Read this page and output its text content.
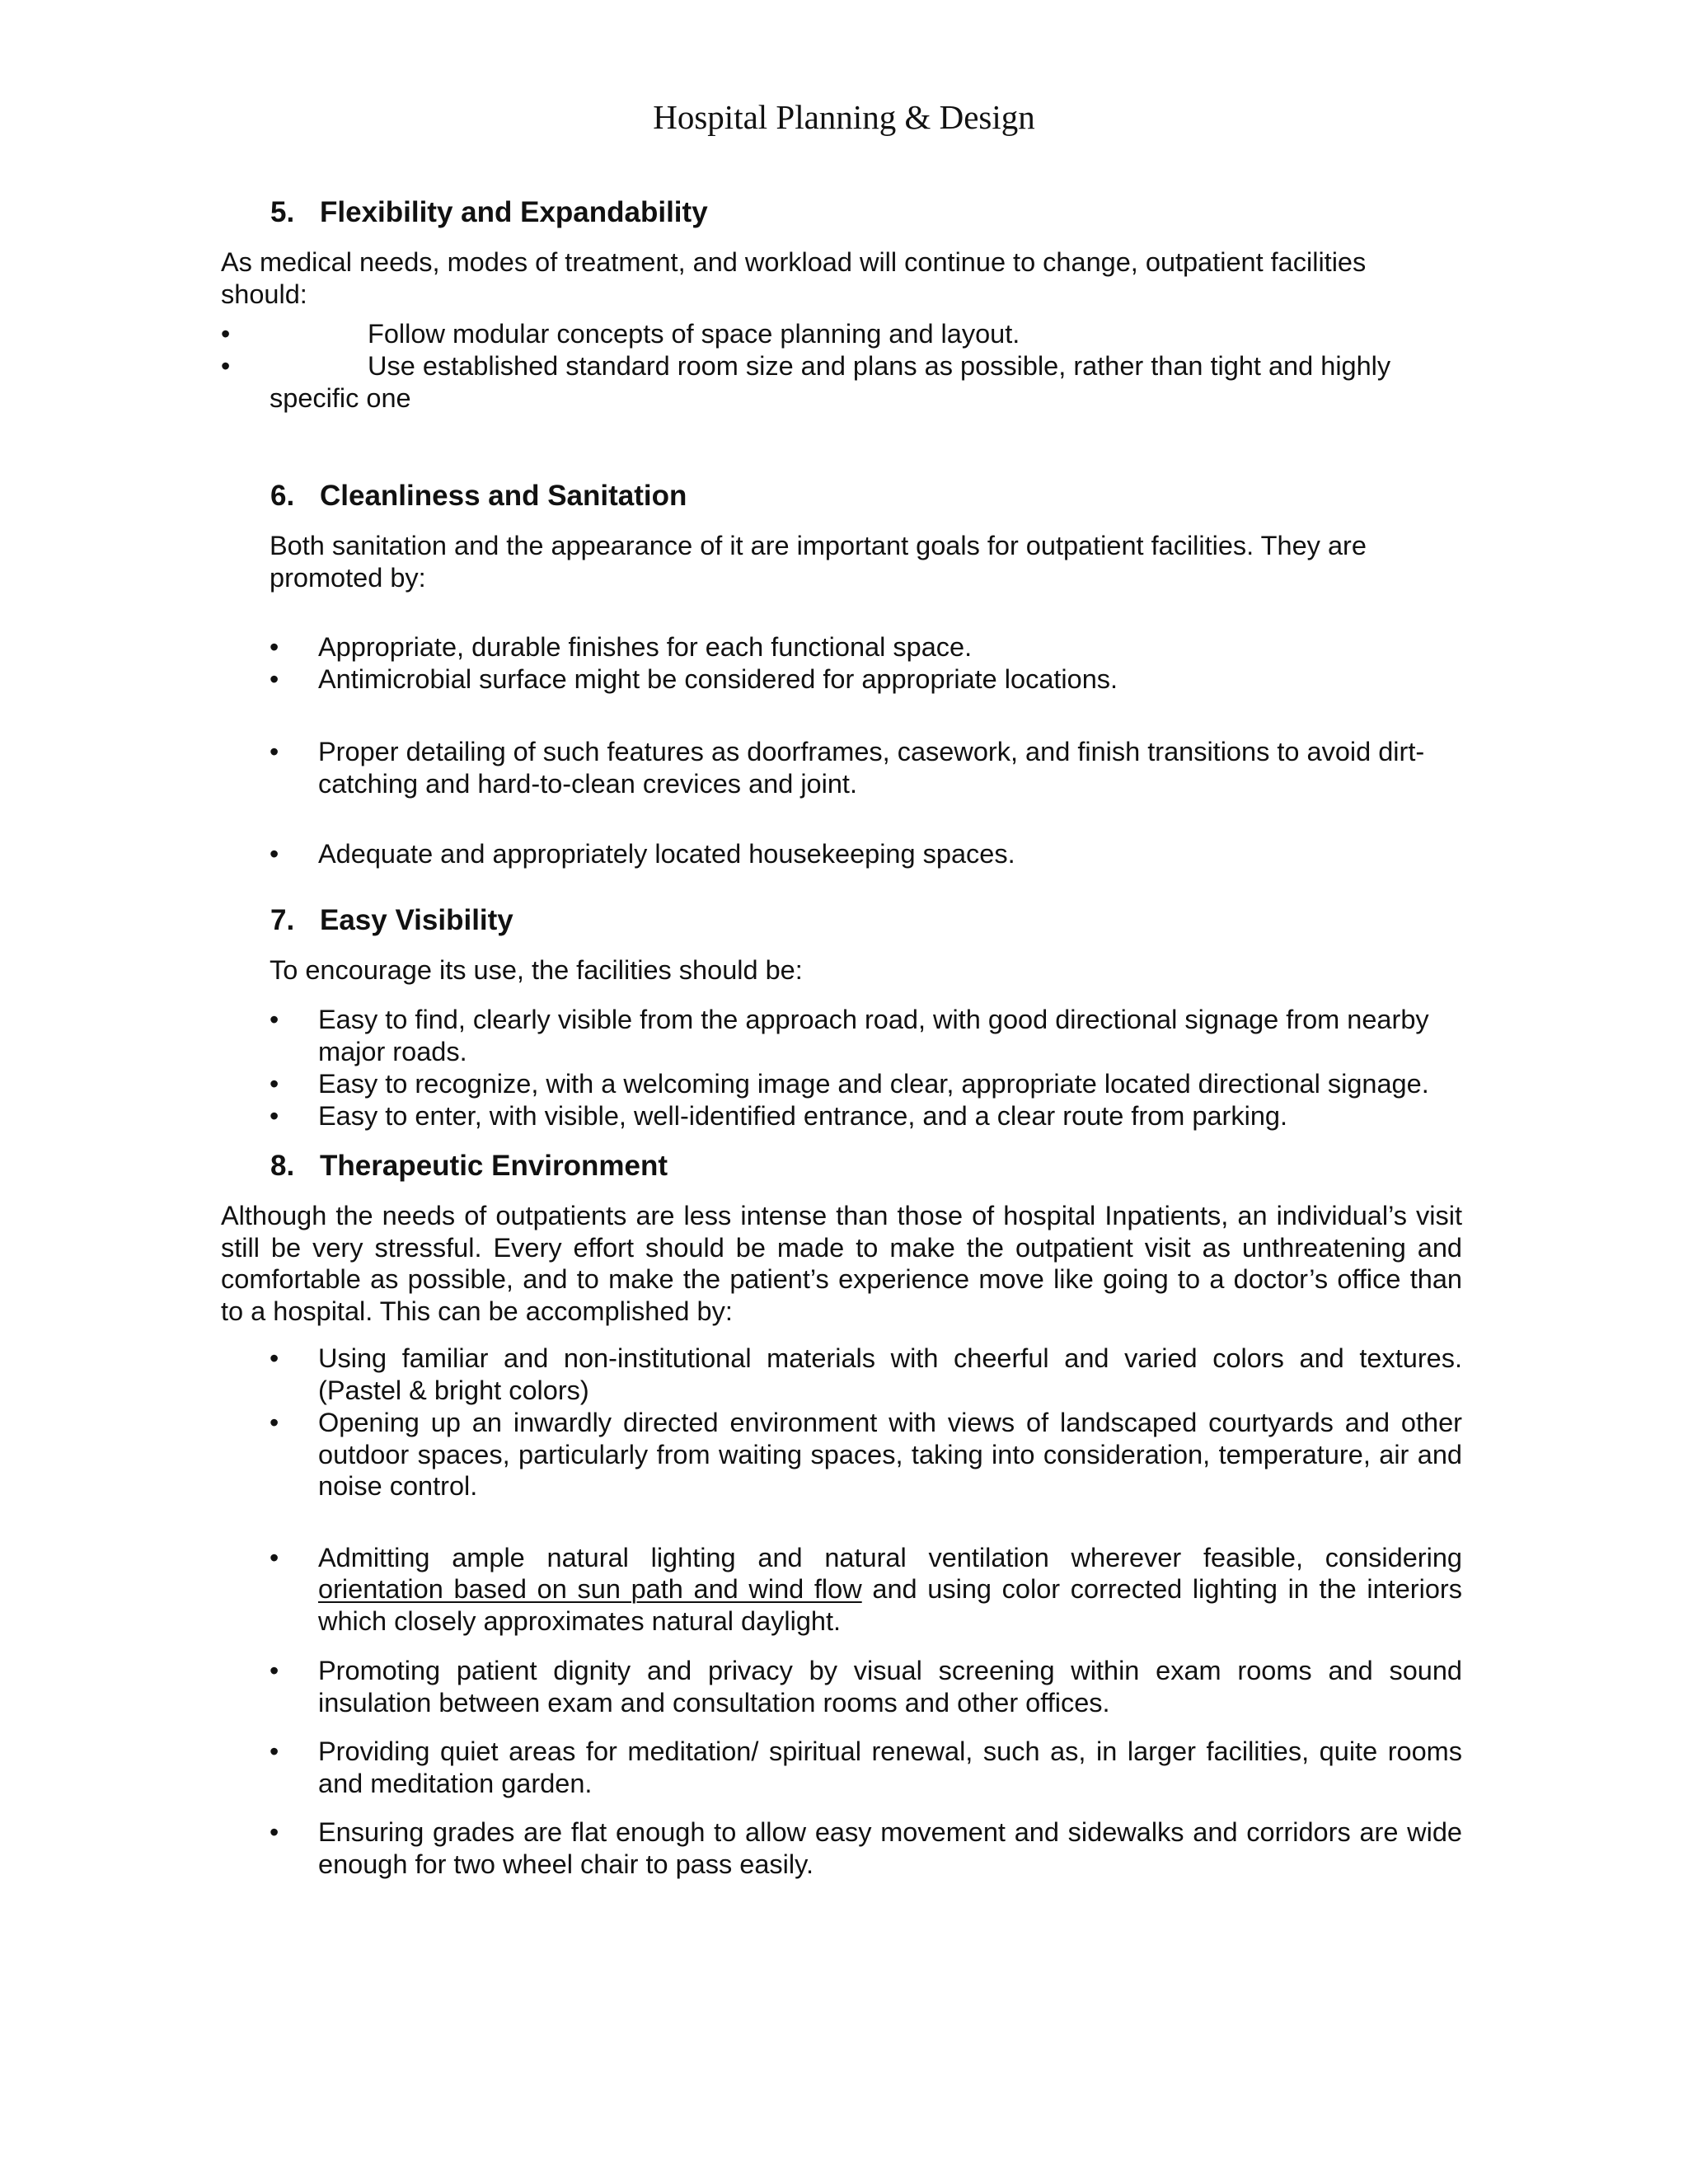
Hospital Planning & Design
5. Flexibility and Expandability
As medical needs, modes of treatment, and workload will continue to change, outpatient facilities should:
•	Follow modular concepts of space planning and layout.
•	Use established standard room size and plans as possible, rather than tight and highly
specific one
6. Cleanliness and Sanitation
Both sanitation and the appearance of it are important goals for outpatient facilities. They are promoted by:
•	Appropriate, durable finishes for each functional space.
•	Antimicrobial surface might be considered for appropriate locations.
•	Proper detailing of such features as doorframes, casework, and finish transitions to avoid dirt-catching and hard-to-clean crevices and joint.
•	Adequate and appropriately located housekeeping spaces.
7. Easy Visibility
To encourage its use, the facilities should be:
•	Easy to find, clearly visible from the approach road, with good directional signage from nearby major roads.
•	Easy to recognize, with a welcoming image and clear, appropriate located directional signage.
•	Easy to enter, with visible, well-identified entrance, and a clear route from parking.
8. Therapeutic Environment
Although the needs of outpatients are less intense than those of hospital Inpatients, an individual’s visit still be very stressful. Every effort should be made to make the outpatient visit as unthreatening and comfortable as possible, and to make the patient’s experience move like going to a doctor’s office than to a hospital. This can be accomplished by:
•	Using familiar and non-institutional materials with cheerful and varied colors and textures. (Pastel & bright colors)
•	Opening up an inwardly directed environment with views of landscaped courtyards and other outdoor spaces, particularly from waiting spaces, taking into consideration, temperature, air and noise control.
•	Admitting ample natural lighting and natural ventilation wherever feasible, considering
orientation based on sun path and wind flow and using color corrected lighting in the interiors which closely approximates natural daylight.
•	Promoting patient dignity and privacy by visual screening within exam rooms and sound insulation between exam and consultation rooms and other offices.
•	Providing quiet areas for meditation/ spiritual renewal, such as, in larger facilities, quite rooms and meditation garden.
•	Ensuring grades are flat enough to allow easy movement and sidewalks and corridors are wide enough for two wheel chair to pass easily.
